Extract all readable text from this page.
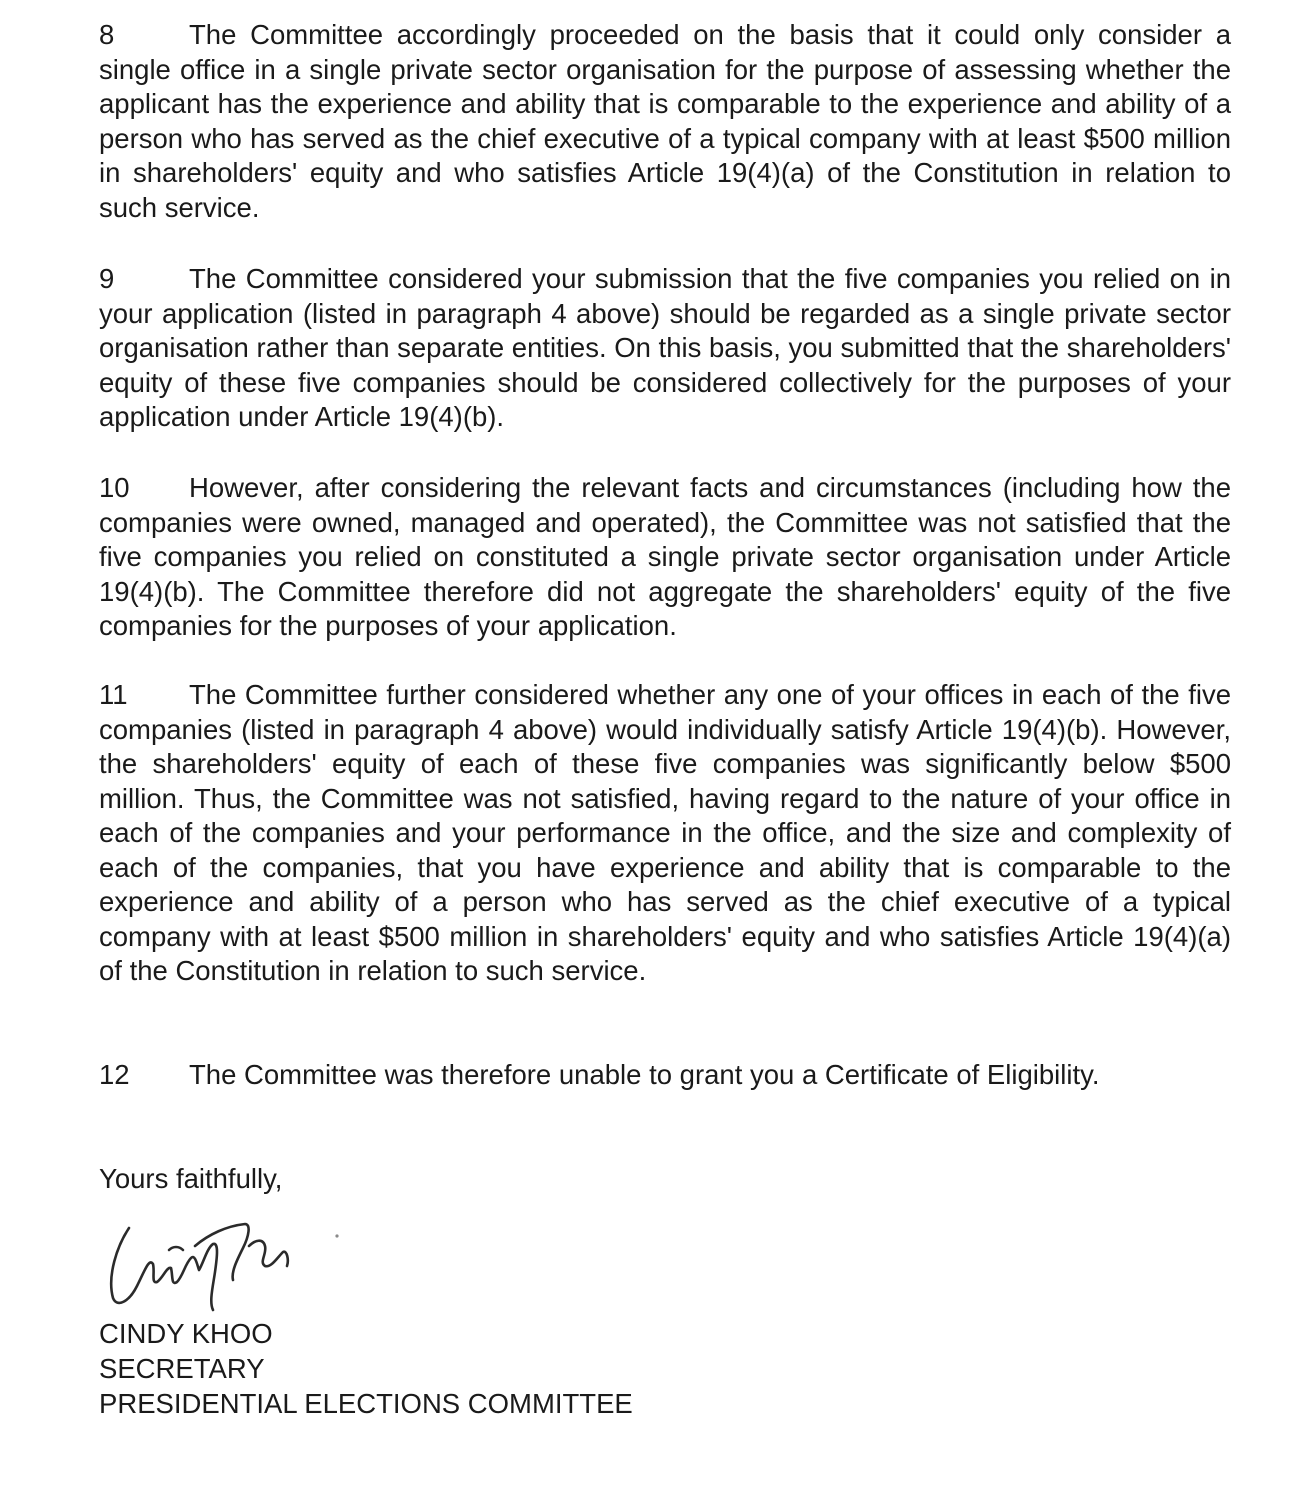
8	The Committee accordingly proceeded on the basis that it could only consider a single office in a single private sector organisation for the purpose of assessing whether the applicant has the experience and ability that is comparable to the experience and ability of a person who has served as the chief executive of a typical company with at least $500 million in shareholders' equity and who satisfies Article 19(4)(a) of the Constitution in relation to such service.

9	The Committee considered your submission that the five companies you relied on in your application (listed in paragraph 4 above) should be regarded as a single private sector organisation rather than separate entities. On this basis, you submitted that the shareholders' equity of these five companies should be considered collectively for the purposes of your application under Article 19(4)(b).

10 However, after considering the relevant facts and circumstances (including how the companies were owned, managed and operated), the Committee was not satisfied that the five companies you relied on constituted a single private sector organisation under Article 19(4)(b). The Committee therefore did not aggregate the shareholders' equity of the five companies for the purposes of your application.

11 The Committee further considered whether any one of your offices in each of the five companies (listed in paragraph 4 above) would individually satisfy Article 19(4)(b). However, the shareholders' equity of each of these five companies was significantly below $500 million. Thus, the Committee was not satisfied, having regard to the nature of your office in each of the companies and your performance in the office, and the size and complexity of each of the companies, that you have experience and ability that is comparable to the experience and ability of a person who has served as the chief executive of a typical company with at least $500 million in shareholders' equity and who satisfies Article 19(4)(a) of the Constitution in relation to such service.

12 The Committee was therefore unable to grant you a Certificate of Eligibility.

Yours faithfully,

CINDY KHOO
SECRETARY
PRESIDENTIAL ELECTIONS COMMITTEE
